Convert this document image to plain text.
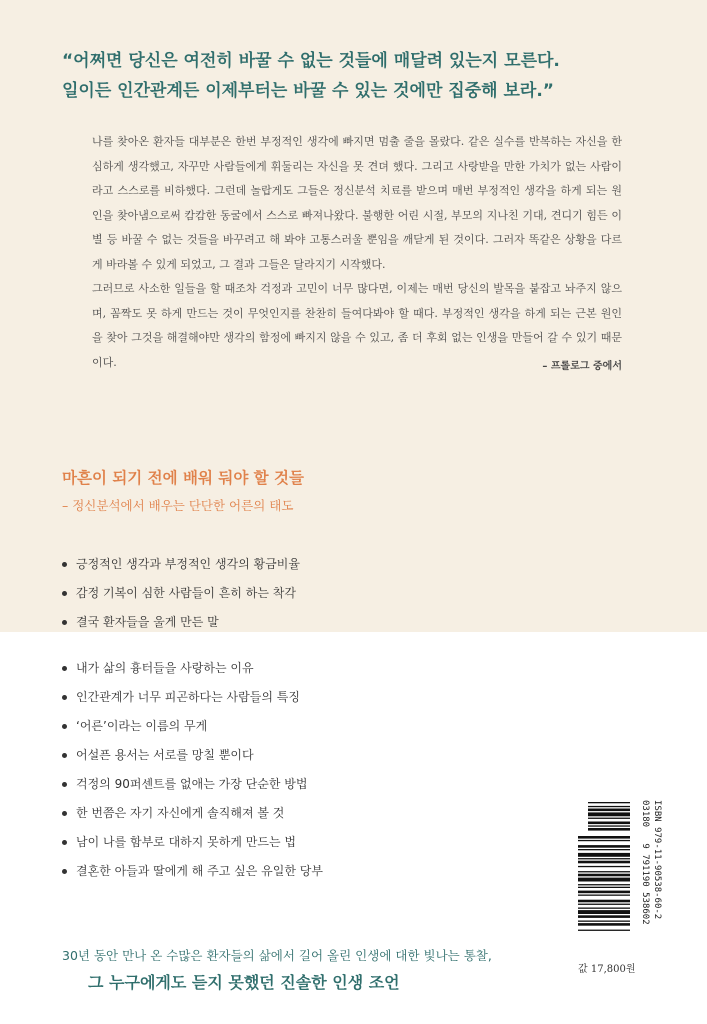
“어쩌면 당신은 여전히 바꿀 수 없는 것들에 매달려 있는지 모른다.
일이든 인간관계든 이제부터는 바꿀 수 있는 것에만 집중해 보라.”

나를 찾아온 환자들 대부분은 한번 부정적인 생각에 빠지면 멈출 줄을 몰랐다. 같은 실수를 반복하는 자신을 한심하게 생각했고, 자꾸만 사람들에게 휘둘리는 자신을 못 견뎌 했다. 그리고 사랑받을 만한 가치가 없는 사람이라고 스스로를 비하했다. 그런데 놀랍게도 그들은 정신분석 치료를 받으며 매번 부정적인 생각을 하게 되는 원인을 찾아냄으로써 캄캄한 동굴에서 스스로 빠져나왔다. 불행한 어린 시절, 부모의 지나친 기대, 견디기 힘든 이별 등 바꿀 수 없는 것들을 바꾸려고 해 봐야 고통스러울 뿐임을 깨닫게 된 것이다. 그러자 똑같은 상황을 다르게 바라볼 수 있게 되었고, 그 결과 그들은 달라지기 시작했다.

그러므로 사소한 일들을 할 때조차 걱정과 고민이 너무 많다면, 이제는 매번 당신의 발목을 붙잡고 놔주지 않으며, 꼼짝도 못 하게 만드는 것이 무엇인지를 찬찬히 들여다봐야 할 때다. 부정적인 생각을 하게 되는 근본 원인을 찾아 그것을 해결해야만 생각의 함정에 빠지지 않을 수 있고, 좀 더 후회 없는 인생을 만들어 갈 수 있기 때문이다.	– 프롤로그 중에서
마흔이 되기 전에 배워 둬야 할 것들

– 정신분석에서 배우는 단단한 어른의 태도

긍정적인 생각과 부정적인 생각의 황금비율
감정 기복이 심한 사람들이 흔히 하는 착각
결국 환자들을 울게 만든 말
내가 삶의 흉터들을 사랑하는 이유
인간관계가 너무 피곤하다는 사람들의 특징
‘어른’이라는 이름의 무게
어설픈 용서는 서로를 망칠 뿐이다
걱정의 90퍼센트를 없애는 가장 단순한 방법
한 번쯤은 자기 자신에게 솔직해져 볼 것
남이 나를 함부로 대하지 못하게 만드는 법
결혼한 아들과 딸에게 해 주고 싶은 유일한 당부	ISBN 979-11-90538-60-2
03180   9 791190 538602
값 17,800원

30년 동안 만나 온 수많은 환자들의 삶에서 길어 올린 인생에 대한 빛나는 통찰,

그 누구에게도 듣지 못했던 진솔한 인생 조언
